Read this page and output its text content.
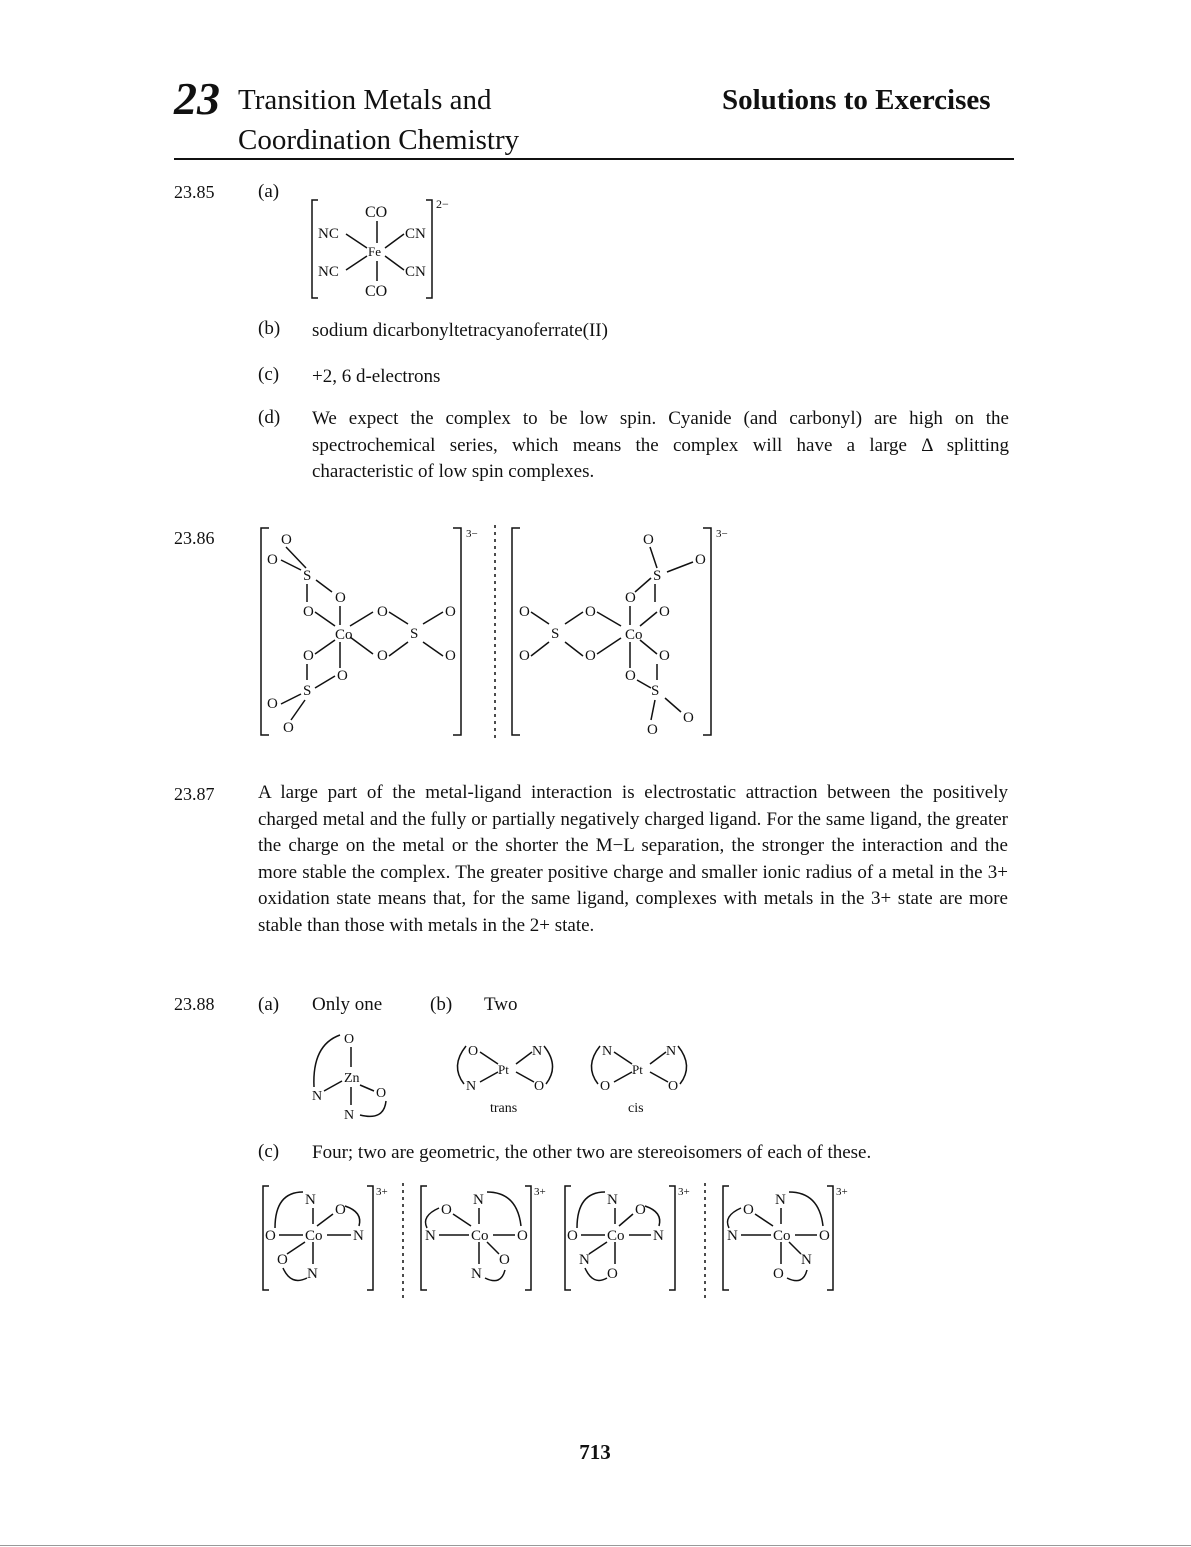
23 Transition Metals and
Coordination Chemistry
Solutions to Exercises
23.85 (a)
2−
CO
NC	CN
Fe
NC	CN
CO
(b) sodium dicarbonyltetracyanoferrate(II)
(c) +2, 6 d-electrons
(d) We expect the complex to be low spin. Cyanide (and carbonyl) are high on the spectrochemical series, which means the complex will have a large Δ splitting characteristic of low spin complexes.
23.86	3−	3−
O
O
S
O
O	O	O
Co	S
O	O	O
O
S
O
O
O
O
S
O
O	O
O
Co
S
O	O	O
O
S
O
O
23.87 A large part of the metal-ligand interaction is electrostatic attraction between the positively charged metal and the fully or partially negatively charged ligand. For the same ligand, the greater the charge on the metal or the shorter the M−L separation, the stronger the interaction and the more stable the complex. The greater positive charge and smaller ionic radius of a metal in the 3+ oxidation state means that, for the same ligand, complexes with metals in the 3+ state are more stable than those with metals in the 2+ state.
23.88 (a) Only one	(b) Two
O
Zn
N	O
N
O	N
Pt
N	O
trans
N	N
Pt
O	O
cis
(c) Four; two are geometric, the other two are stereoisomers of each of these.
3+
N
O
O Co N
O
N
3+
N
O
N Co O
O
N
3+
N
O
O Co N
N
O
3+
N
O
N Co O
N
O
713
